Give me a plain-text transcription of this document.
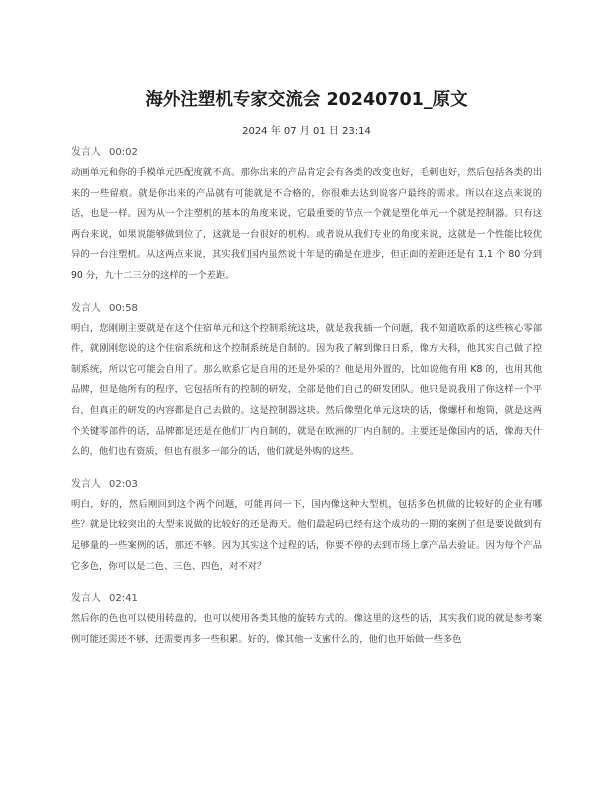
海外注塑机专家交流会 20240701_原文
2024 年 07 月 01 日 23:14
发言人 00:02
动画单元和你的手模单元匹配度就不高。那你出来的产品肯定会有各类的改变也好，毛刺也好，然后包括各类的出来的一些留痕。就是你出来的产品就有可能就是不合格的，你很难去达到说客户最终的需求。所以在这点来说的话，也是一样。因为从一个注塑机的基本的角度来说，它最重要的节点一个就是塑化单元一个就是控制器。只有这两台来说，如果说能够做到位了，这就是一台很好的机构。或者说从我们专业的角度来说，这就是一个性能比较优异的一台注塑机。从这两点来说，其实我们国内虽然说十年是的确是在进步，但正面的差距还是有 1.1 个 80 分到 90 分，九十二三分的这样的一个差距。
发言人 00:58
明白，您刚刚主要就是在这个住宿单元和这个控制系统这块，就是我我插一个问题，我不知道欧系的这些核心零部件，就刚刚您说的这个住宿系统和这个控制系统是自制的。因为我了解到像日日系，像方大科，他其实自己做了控制系统，所以它可能会自用了。那么欧系它是自用的还是外采的？他是用外置的，比如说他有用 K8 的，也用其他品牌，但是他所有的程序，它包括所有的控制的研发，全部是他们自己的研发团队。他只是说我用了你这样一个平台，但真正的研发的内容都是自己去做的。这是控制器这块。然后像塑化单元这块的话，像螺杆和炮筒，就是这两个关键零部件的话，品牌都是还是在他们厂内自制的，就是在欧洲的厂内自制的。主要还是像国内的话，像海天什么的，他们也有资质，但也有很多一部分的话，他们就是外购的这些。
发言人 02:03
明白，好的，然后刚回到这个两个问题，可能再问一下，国内像这种大型机，包括多色机做的比较好的企业有哪些？就是比较突出的大型来说做的比较好的还是海天。他们最起码已经有这个成功的一期的案例了但是要说做到有足够量的一些案例的话，那还不够。因为其实这个过程的话，你要不停的去到市场上拿产品去验证。因为每个产品它多色，你可以是二色、三色、四色，对不对？
发言人 02:41
然后你的色也可以使用转盘的，也可以使用各类其他的旋转方式的。像这里的这些的话，其实我们说的就是参考案例可能还需还不够，还需要再多一些积累。好的，像其他一支蜜什么的，他们也开始做一些多色
